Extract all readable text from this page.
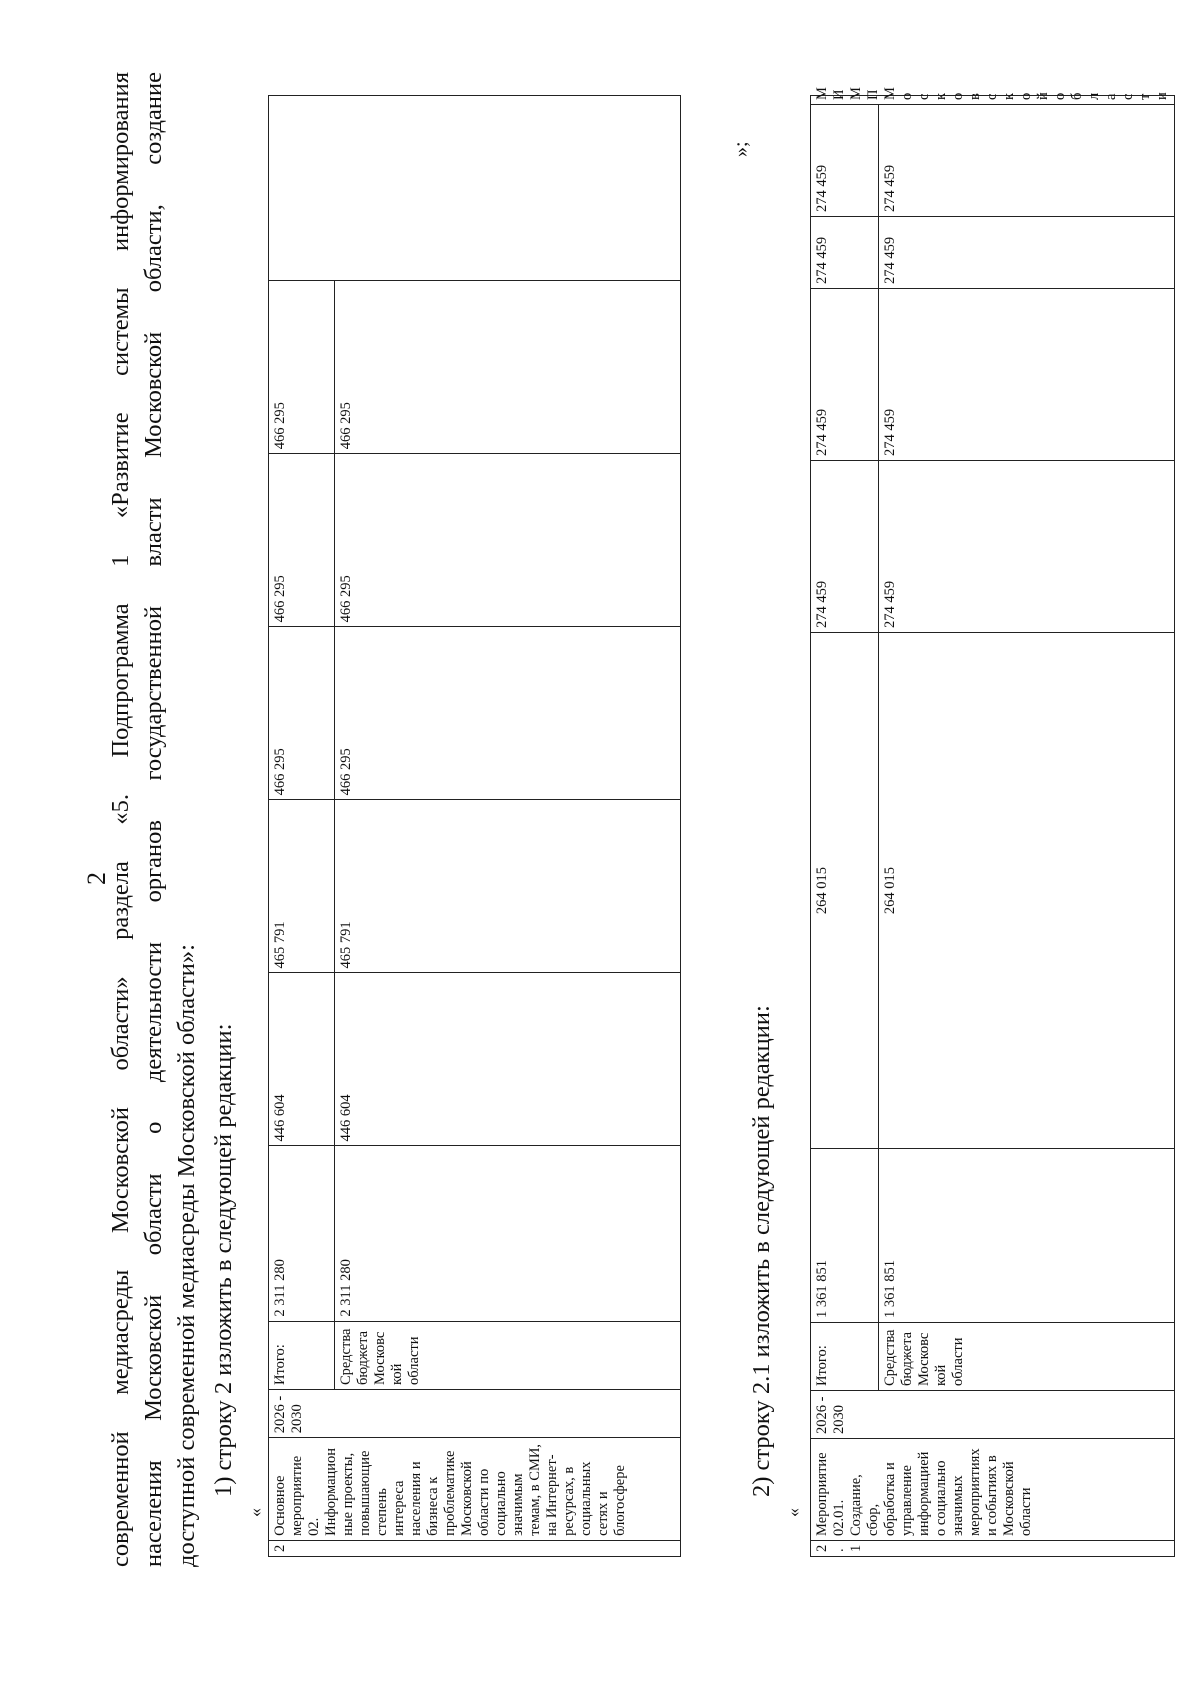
2

современной медиасреды Московской области» раздела «5. Подпрограмма 1 «Развитие системы информирования населения Московской области о деятельности органов государственной власти Московской области, создание доступной современной медиасреды Московской области»: 1) строку 2 изложить в следующей редакции:
«
2	Основное мероприятие 02. Информационные проекты, повышающие степень интереса населения и бизнеса к проблематике Московской области по социально значимым темам, в СМИ, на Интернет-ресурсах, в социальных сетях и блогосфере	2026 - 2030	Итого:	2 311 280	446 604	465 791	466 295	466 295	466 295	
			Средства бюджета Московской области	2 311 280	446 604	465 791	466 295	466 295	466 295	
»;
2) строку 2.1 изложить в следующей редакции:
«
2.1	Мероприятие 02.01. Создание, сбор, обработка и управление информацией о социально значимых мероприятиях и событиях в Московской области	2026 - 2030	Итого:	1 361 851	264 015	274 459	274 459	274 459	274 459	МИМП Московской области
			Средства бюджета Московской области	1 361 851	264 015	274 459	274 459	274 459	274 459	
